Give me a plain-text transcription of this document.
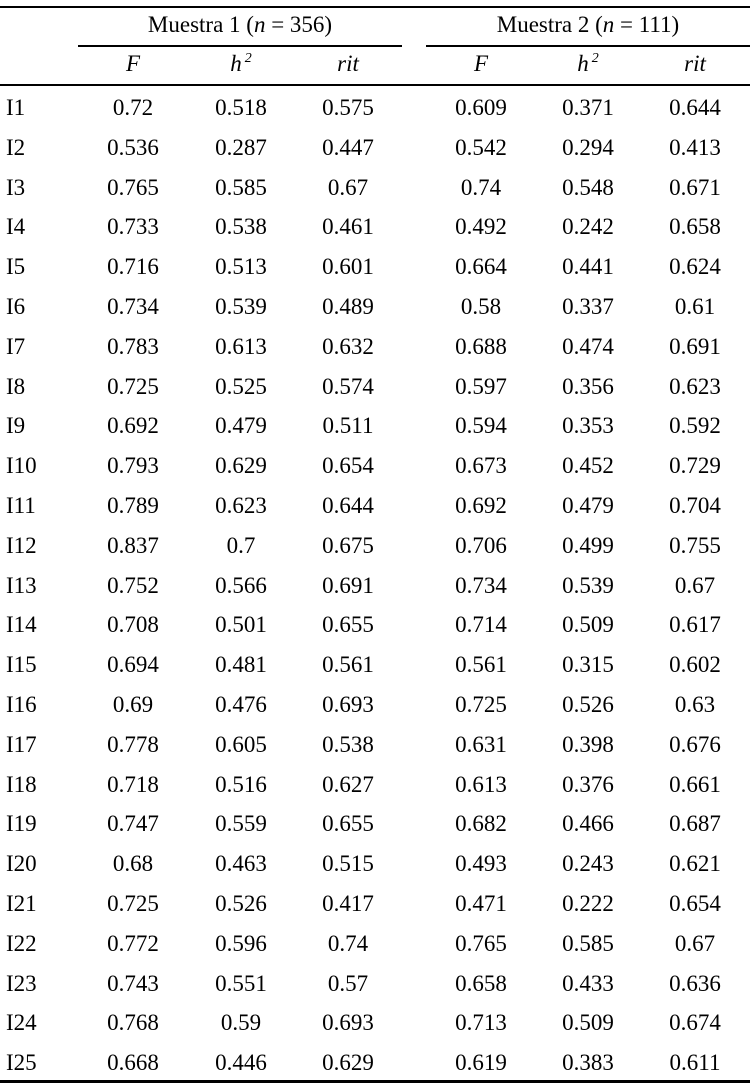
Muestra 1 (n = 356)	Muestra 2 (n = 111)
F	h $^2$	rit	F	h $^2$	rit
I1	0.72	0.518	0.575	0.609	0.371	0.644
I2	0.536	0.287	0.447	0.542	0.294	0.413
I3	0.765	0.585	0.67	0.74	0.548	0.671
I4	0.733	0.538	0.461	0.492	0.242	0.658
I5	0.716	0.513	0.601	0.664	0.441	0.624
I6	0.734	0.539	0.489	0.58	0.337	0.61
I7	0.783	0.613	0.632	0.688	0.474	0.691
I8	0.725	0.525	0.574	0.597	0.356	0.623
I9	0.692	0.479	0.511	0.594	0.353	0.592
I10	0.793	0.629	0.654	0.673	0.452	0.729
I11	0.789	0.623	0.644	0.692	0.479	0.704
I12	0.837	0.7	0.675	0.706	0.499	0.755
I13	0.752	0.566	0.691	0.734	0.539	0.67
I14	0.708	0.501	0.655	0.714	0.509	0.617
I15	0.694	0.481	0.561	0.561	0.315	0.602
I16	0.69	0.476	0.693	0.725	0.526	0.63
I17	0.778	0.605	0.538	0.631	0.398	0.676
I18	0.718	0.516	0.627	0.613	0.376	0.661
I19	0.747	0.559	0.655	0.682	0.466	0.687
I20	0.68	0.463	0.515	0.493	0.243	0.621
I21	0.725	0.526	0.417	0.471	0.222	0.654
I22	0.772	0.596	0.74	0.765	0.585	0.67
I23	0.743	0.551	0.57	0.658	0.433	0.636
I24	0.768	0.59	0.693	0.713	0.509	0.674
I25	0.668	0.446	0.629	0.619	0.383	0.611
